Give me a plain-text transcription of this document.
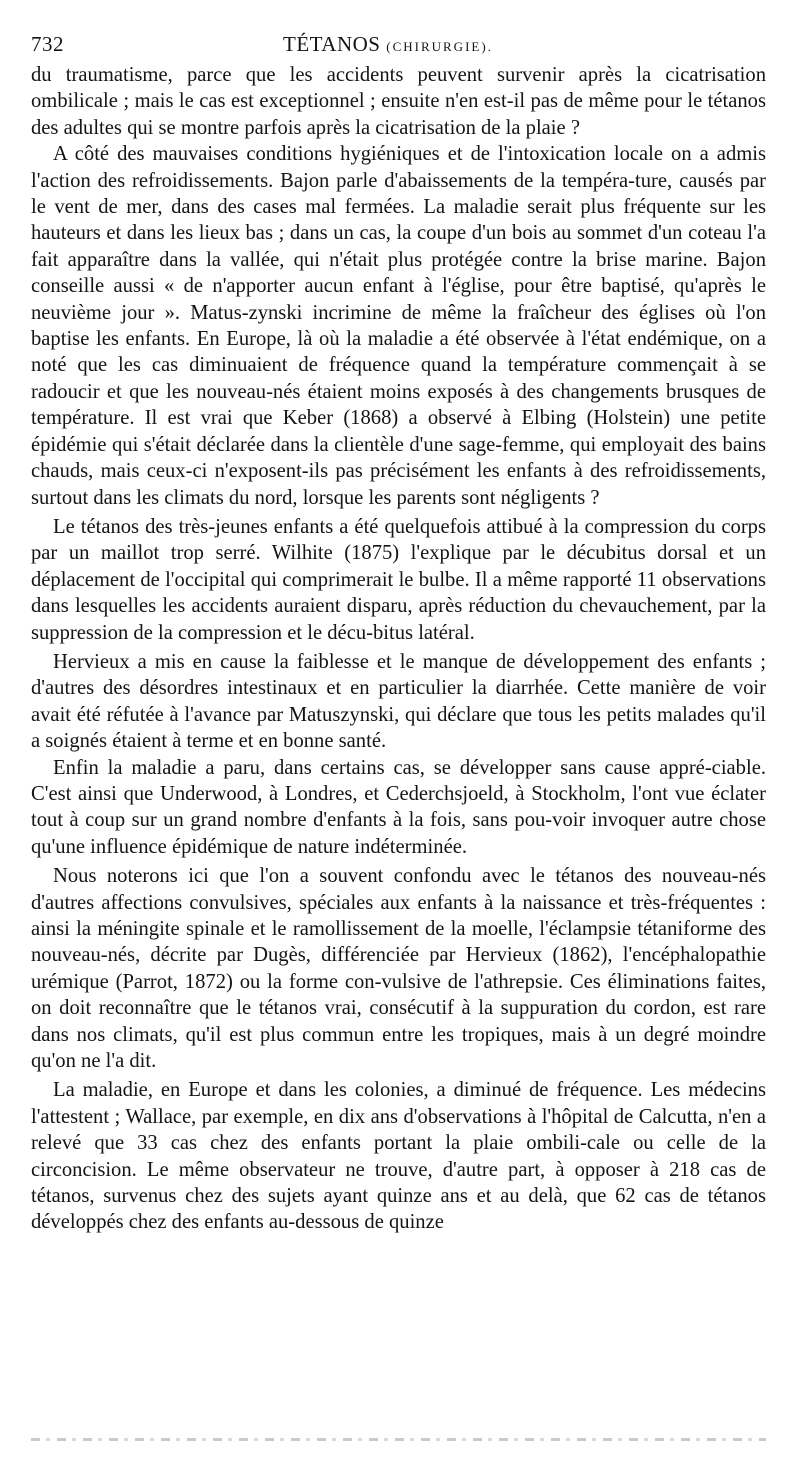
732	TÉTANOS (CHIRURGIE).

du traumatisme, parce que les accidents peuvent survenir après la cicatrisation ombilicale ; mais le cas est exceptionnel ; ensuite n'en est-il pas de même pour le tétanos des adultes qui se montre parfois après la cicatrisation de la plaie ?

A côté des mauvaises conditions hygiéniques et de l'intoxication locale on a admis l'action des refroidissements. Bajon parle d'abaissements de la tempéra-ture, causés par le vent de mer, dans des cases mal fermées. La maladie serait plus fréquente sur les hauteurs et dans les lieux bas ; dans un cas, la coupe d'un bois au sommet d'un coteau l'a fait apparaître dans la vallée, qui n'était plus protégée contre la brise marine. Bajon conseille aussi « de n'apporter aucun enfant à l'église, pour être baptisé, qu'après le neuvième jour ». Matus-zynski incrimine de même la fraîcheur des églises où l'on baptise les enfants. En Europe, là où la maladie a été observée à l'état endémique, on a noté que les cas diminuaient de fréquence quand la température commençait à se radoucir et que les nouveau-nés étaient moins exposés à des changements brusques de température. Il est vrai que Keber (1868) a observé à Elbing (Holstein) une petite épidémie qui s'était déclarée dans la clientèle d'une sage-femme, qui employait des bains chauds, mais ceux-ci n'exposent-ils pas précisément les enfants à des refroidissements, surtout dans les climats du nord, lorsque les parents sont négligents ?

Le tétanos des très-jeunes enfants a été quelquefois attibué à la compression du corps par un maillot trop serré. Wilhite (1875) l'explique par le décubitus dorsal et un déplacement de l'occipital qui comprimerait le bulbe. Il a même rapporté 11 observations dans lesquelles les accidents auraient disparu, après réduction du chevauchement, par la suppression de la compression et le décu-bitus latéral.

Hervieux a mis en cause la faiblesse et le manque de développement des enfants ; d'autres des désordres intestinaux et en particulier la diarrhée. Cette manière de voir avait été réfutée à l'avance par Matuszynski, qui déclare que tous les petits malades qu'il a soignés étaient à terme et en bonne santé.

Enfin la maladie a paru, dans certains cas, se développer sans cause appré-ciable. C'est ainsi que Underwood, à Londres, et Cederchsjoeld, à Stockholm, l'ont vue éclater tout à coup sur un grand nombre d'enfants à la fois, sans pou-voir invoquer autre chose qu'une influence épidémique de nature indéterminée.

Nous noterons ici que l'on a souvent confondu avec le tétanos des nouveau-nés d'autres affections convulsives, spéciales aux enfants à la naissance et très-fréquentes : ainsi la méningite spinale et le ramollissement de la moelle, l'éclampsie tétaniforme des nouveau-nés, décrite par Dugès, différenciée par Hervieux (1862), l'encéphalopathie urémique (Parrot, 1872) ou la forme con-vulsive de l'athrepsie. Ces éliminations faites, on doit reconnaître que le tétanos vrai, consécutif à la suppuration du cordon, est rare dans nos climats, qu'il est plus commun entre les tropiques, mais à un degré moindre qu'on ne l'a dit.

La maladie, en Europe et dans les colonies, a diminué de fréquence. Les médecins l'attestent ; Wallace, par exemple, en dix ans d'observations à l'hôpital de Calcutta, n'en a relevé que 33 cas chez des enfants portant la plaie ombili-cale ou celle de la circoncision. Le même observateur ne trouve, d'autre part, à opposer à 218 cas de tétanos, survenus chez des sujets ayant quinze ans et au delà, que 62 cas de tétanos développés chez des enfants au-dessous de quinze
